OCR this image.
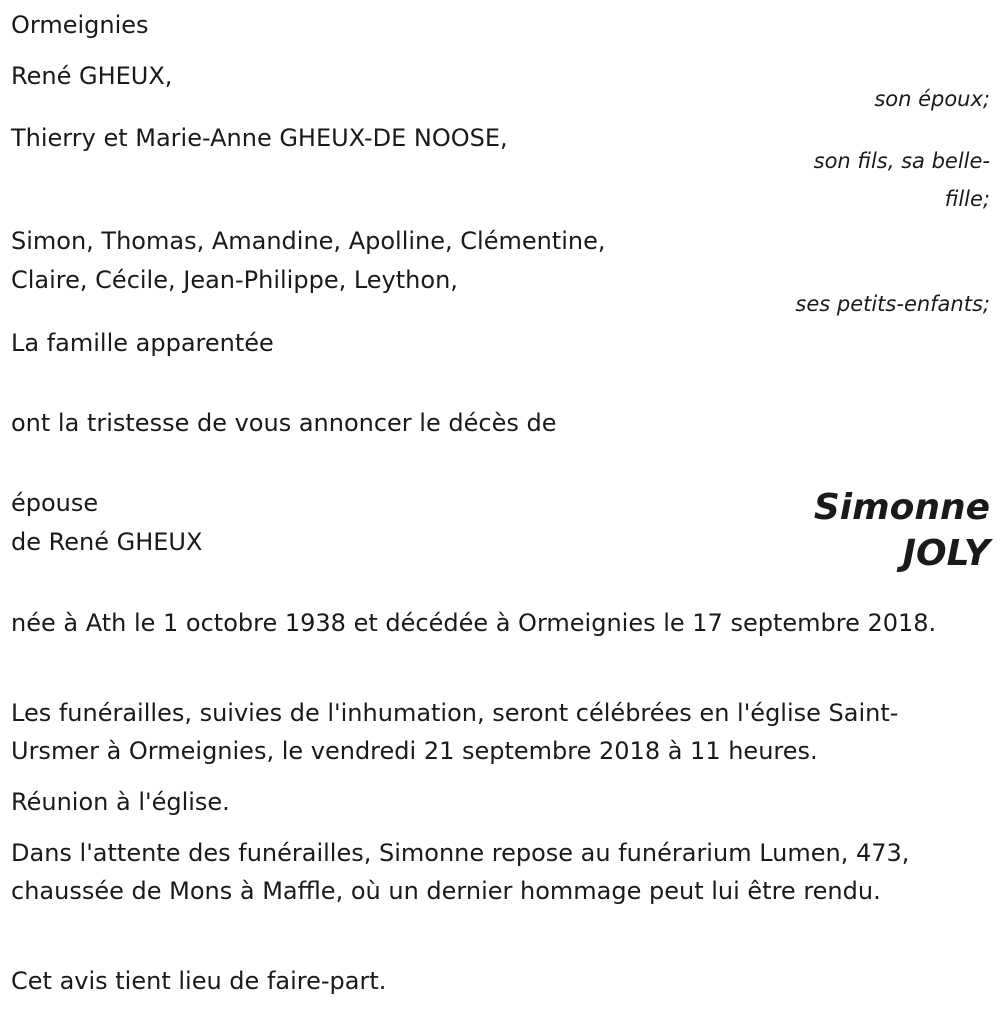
Ormeignies

René GHEUX,

son époux;

Thierry et Marie-Anne GHEUX-DE NOOSE,

son fils, sa belle-fille;

Simon, Thomas, Amandine, Apolline, Clémentine,

Claire, Cécile, Jean-Philippe, Leython,

ses petits-enfants;

La famille apparentée

ont la tristesse de vous annoncer le décès de

épouse

de René GHEUX

Simonne
JOLY

née à Ath le 1 octobre 1938 et décédée à Ormeignies le 17 septembre 2018.

Les funérailles, suivies de l'inhumation, seront célébrées en l'église Saint-Ursmer à Ormeignies, le vendredi 21 septembre 2018 à 11 heures.

Réunion à l'église.

Dans l'attente des funérailles, Simonne repose au funérarium Lumen, 473, chaussée de Mons à Maffle, où un dernier hommage peut lui être rendu.

Cet avis tient lieu de faire-part.
